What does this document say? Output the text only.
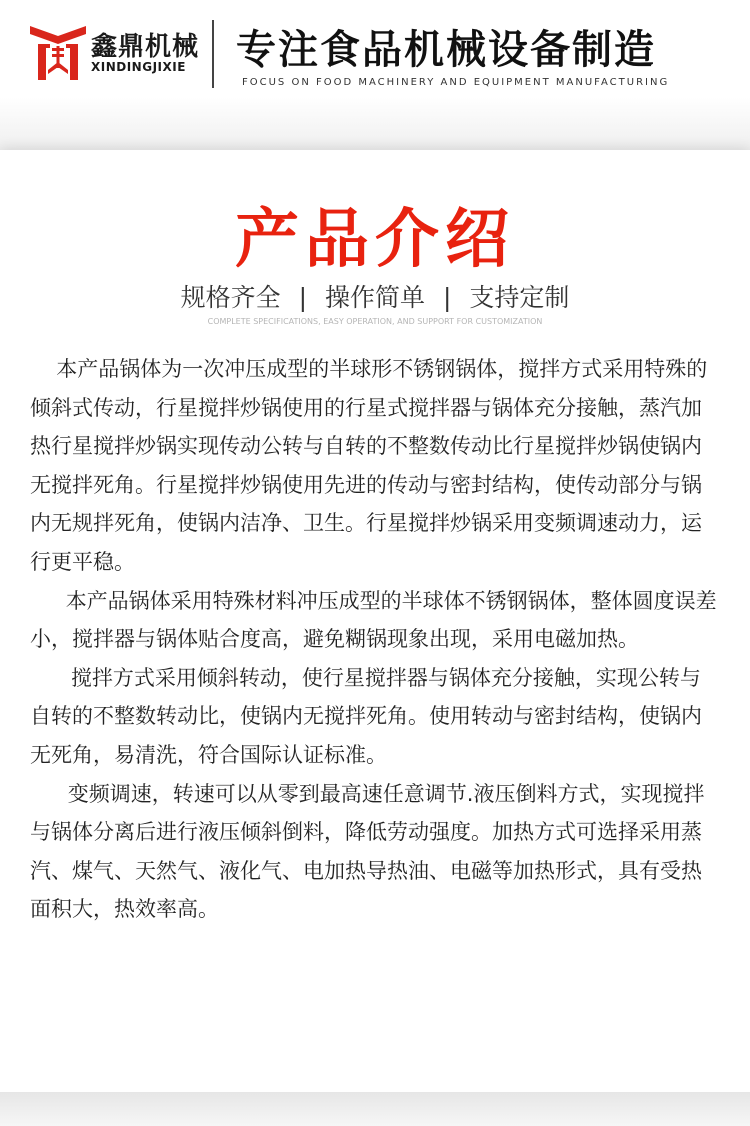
鑫鼎机械
XINDINGJIXIE 专注食品机械设备制造
FOCUS ON FOOD MACHINERY AND EQUIPMENT MANUFACTURING
产品介绍
规格齐全 | 操作简单 | 支持定制
COMPLETE SPECIFICATIONS, EASY OPERATION, AND SUPPORT FOR CUSTOMIZATION

本产品锅体为一次冲压成型的半球形不锈钢锅体，搅拌方式采用特殊的倾斜式传动，行星搅拌炒锅使用的行星式搅拌器与锅体充分接触，蒸汽加热行星搅拌炒锅实现传动公转与自转的不整数传动比行星搅拌炒锅使锅内无搅拌死角。行星搅拌炒锅使用先进的传动与密封结构，使传动部分与锅内无规拌死角，使锅内洁净、卫生。行星搅拌炒锅采用变频调速动力，运行更平稳。

本产品锅体采用特殊材料冲压成型的半球体不锈钢锅体，整体圆度误差小，搅拌器与锅体贴合度高，避免糊锅现象出现，采用电磁加热。

搅拌方式采用倾斜转动，使行星搅拌器与锅体充分接触，实现公转与自转的不整数转动比，使锅内无搅拌死角。使用转动与密封结构，使锅内无死角，易清洗，符合国际认证标准。

变频调速，转速可以从零到最高速任意调节.液压倒料方式，实现搅拌与锅体分离后进行液压倾斜倒料，降低劳动强度。加热方式可选择采用蒸汽、煤气、天然气、液化气、电加热导热油、电磁等加热形式，具有受热面积大，热效率高。
